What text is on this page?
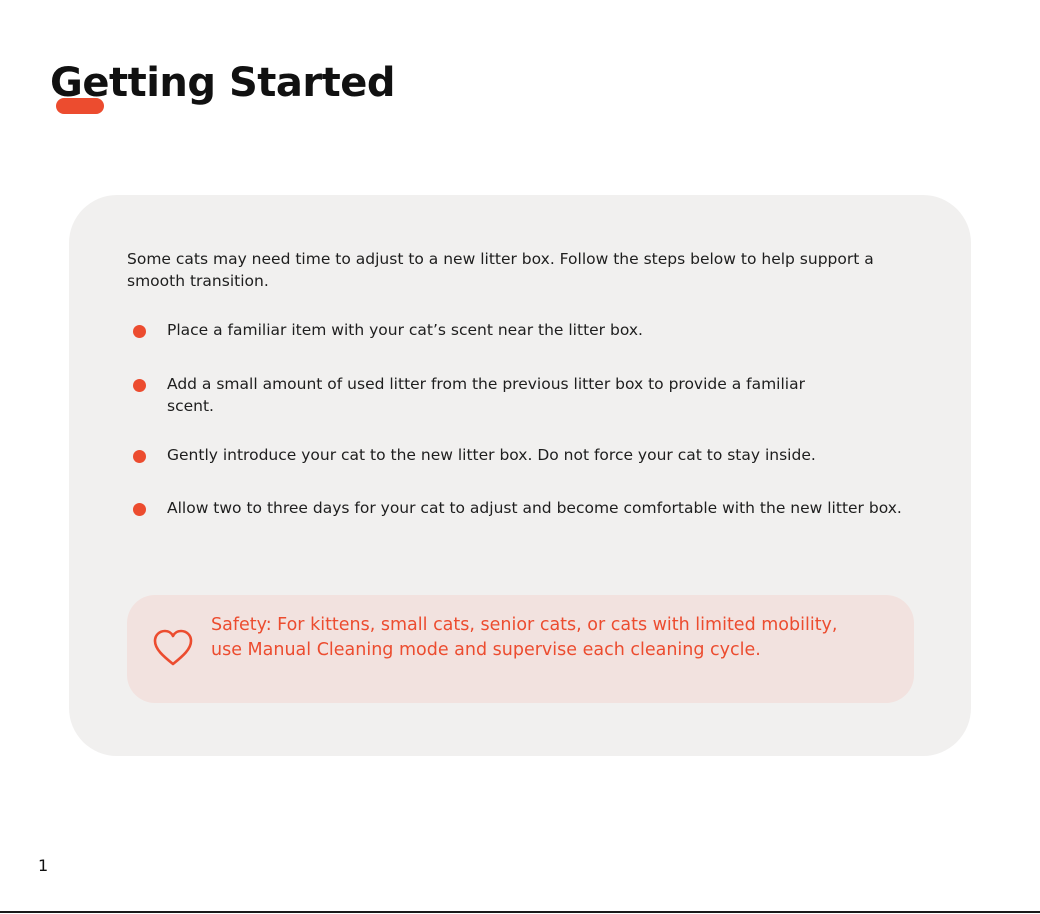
Getting Started

Some cats may need time to adjust to a new litter box. Follow the steps below to help support a smooth transition.

Place a familiar item with your cat’s scent near the litter box.

Add a small amount of used litter from the previous litter box to provide a familiar scent.

Gently introduce your cat to the new litter box. Do not force your cat to stay inside.

Allow two to three days for your cat to adjust and become comfortable with the new litter box.

Safety: For kittens, small cats, senior cats, or cats with limited mobility, use Manual Cleaning mode and supervise each cleaning cycle.

1
